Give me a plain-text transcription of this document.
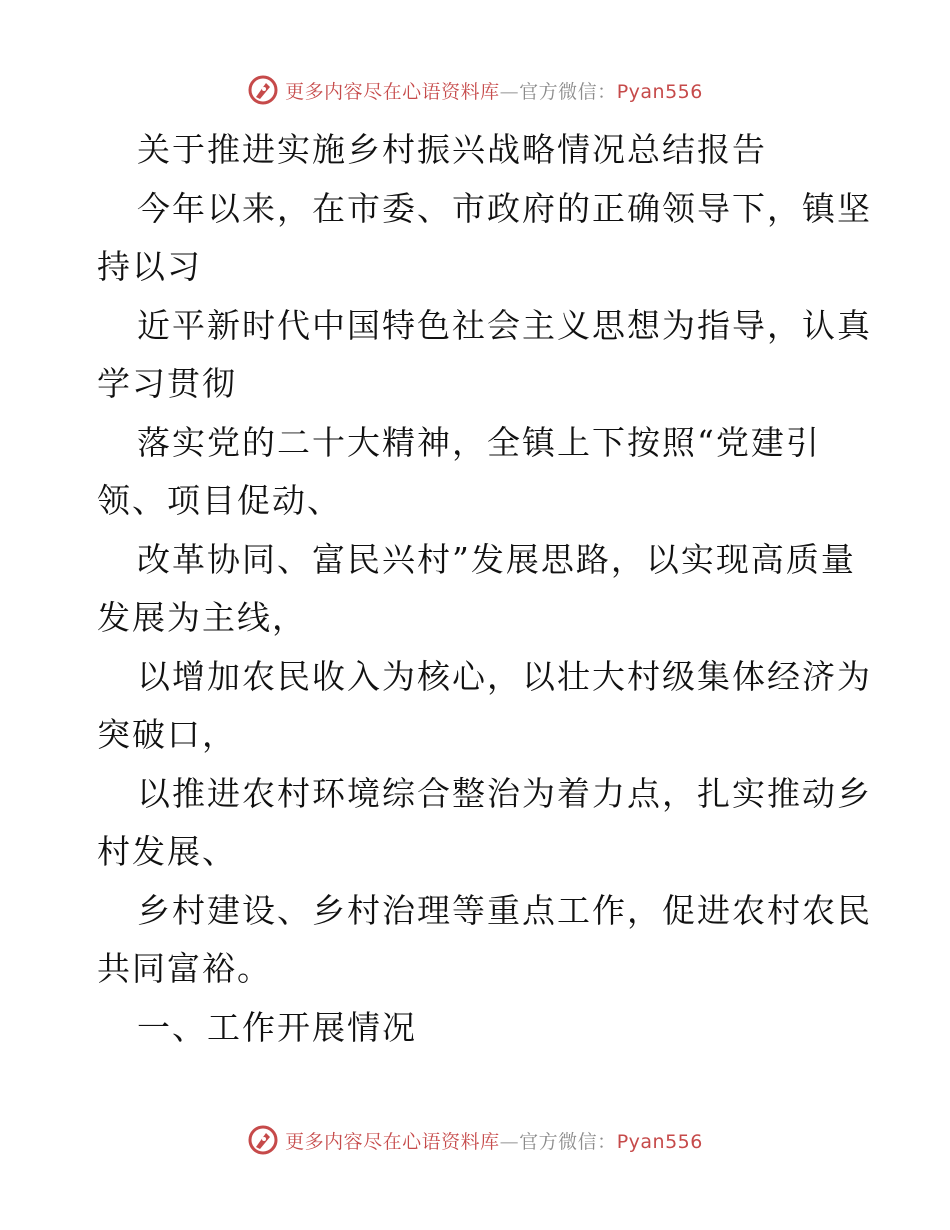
更多内容尽在心语资料库—官方微信：Pyan556
关于推进实施乡村振兴战略情况总结报告
今年以来，在市委、市政府的正确领导下，镇坚
持以习
近平新时代中国特色社会主义思想为指导，认真
学习贯彻
落实党的二十大精神，全镇上下按照“党建引
领、项目促动、
改革协同、富民兴村”发展思路，以实现高质量
发展为主线，
以增加农民收入为核心，以壮大村级集体经济为
突破口，
以推进农村环境综合整治为着力点，扎实推动乡
村发展、
乡村建设、乡村治理等重点工作，促进农村农民
共同富裕。
一、工作开展情况
更多内容尽在心语资料库—官方微信：Pyan556
